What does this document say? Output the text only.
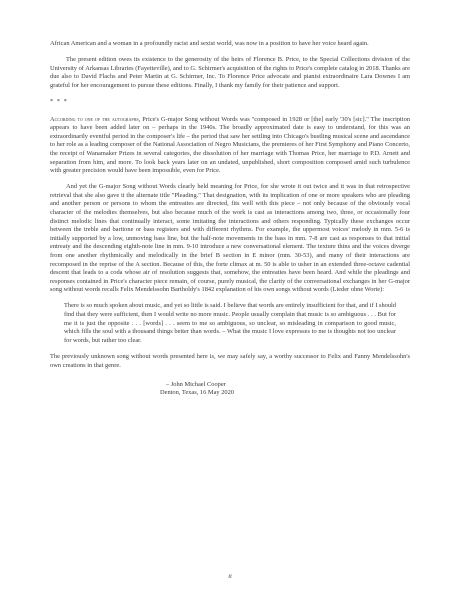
African American and a woman in a profoundly racist and sexist world, was now in a position to have her voice heard again.

The present edition owes its existence to the generosity of the heirs of Florence B. Price, to the Special Collections division of the University of Arkansas Libraries (Fayetteville), and to G. Schirmer's acquisition of the rights to Price's complete catalog in 2018. Thanks are due also to David Flachs and Peter Martin at G. Schirmer, Inc. To Florence Price advocate and pianist extraordinaire Lara Downes I am grateful for her encouragement to pursue these editions. Finally, I thank my family for their patience and support.

* * *

According to one of the autographs, Price's G-major Song without Words was "composed in 1928 or [the] early '30's [sic]." The inscription appears to have been added later on – perhaps in the 1940s. The broadly approximated date is easy to understand, for this was an extraordinarily eventful period in the composer's life – the period that saw her settling into Chicago's bustling musical scene and ascendance to her role as a leading composer of the National Association of Negro Musicians, the premieres of her First Symphony and Piano Concerto, the receipt of Wanamaker Prizes in several categories, the dissolution of her marriage with Thomas Price, her marriage to P.D. Arnett and separation from him, and more. To look back years later on an undated, unpublished, short composition composed amid such turbulence with greater precision would have been impossible, even for Price.

And yet the G-major Song without Words clearly held meaning for Price, for she wrote it out twice and it was in that retrospective retrieval that she also gave it the alternate title "Pleading." That designation, with its implication of one or more speakers who are pleading and another person or persons to whom the entreaties are directed, fits well with this piece – not only because of the obviously vocal character of the melodies themselves, but also because much of the work is cast as interactions among two, three, or occasionally four distinct melodic lines that continually interact, some imitating the interactions and others responding. Typically these exchanges occur between the treble and baritone or bass registers and with different rhythms. For example, the uppermost voices' melody in mm. 5-6 is initially supported by a low, unmoving bass line, but the half-note movements in the bass in mm. 7-8 are cast as responses to that initial entreaty and the descending eighth-note line in mm. 9-10 introduce a new conversational element. The texture thins and the voices diverge from one another rhythmically and melodically in the brief B section in E minor (mm. 30-53), and many of their interactions are recomposed in the reprise of the A section. Because of this, the forte climax at m. 50 is able to usher in an extended three-octave cadential descent that leads to a coda whose air of resolution suggests that, somehow, the entreaties have been heard. And while the pleadings and responses contained in Price's character piece remain, of course, purely musical, the clarity of the conversational exchanges in her G-major song without words recalls Felix Mendelssohn Bartholdy's 1842 explanation of his own songs without words (Lieder ohne Worte):

There is so much spoken about music, and yet so little is said. I believe that words are entirely insufficient for that, and if I should find that they were sufficient, then I would write no more music. People usually complain that music is so ambiguous . . . But for me it is just the opposite . . . [words] . . . seem to me so ambiguous, so unclear, so misleading in comparison to good music, which fills the soul with a thousand things better than words. – What the music I love expresses to me is thoughts not too unclear for words, but rather too clear.

The previously unknown song without words presented here is, we may safely say, a worthy successor to Felix and Fanny Mendelssohn's own creations in that genre.

– John Michael Cooper
Denton, Texas, 16 May 2020
ii
